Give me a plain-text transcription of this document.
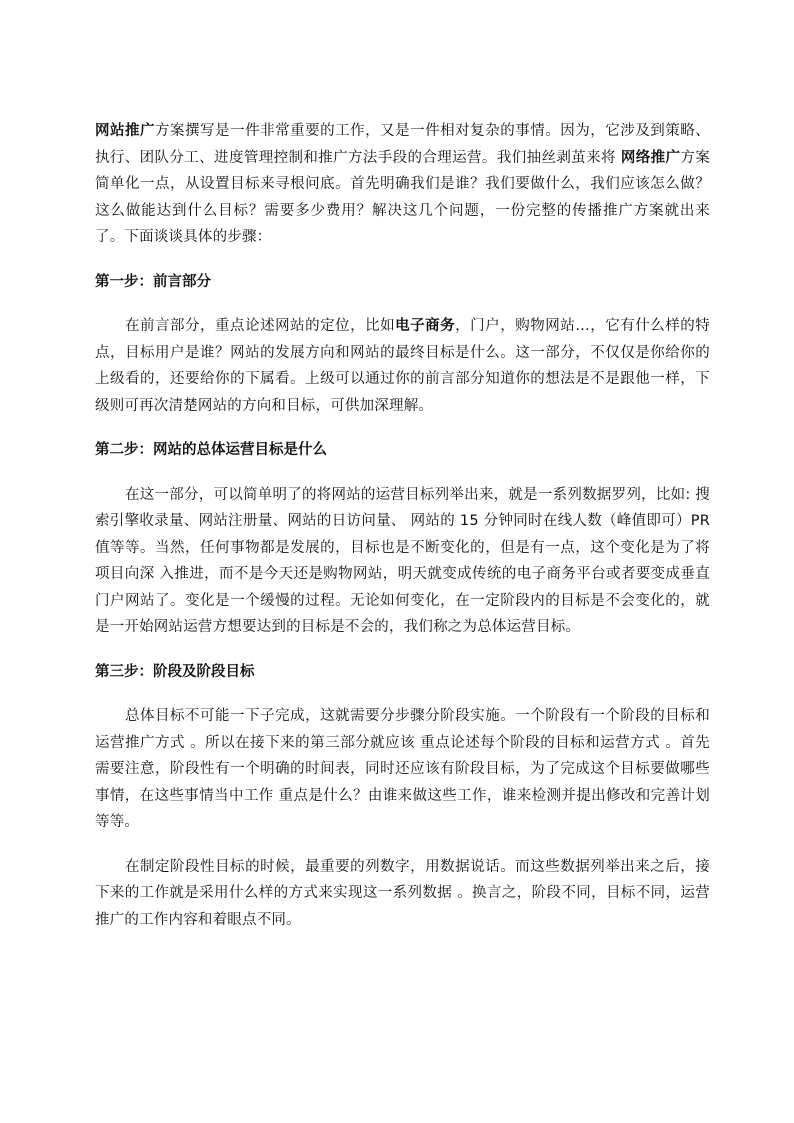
网站推广方案撰写是一件非常重要的工作，又是一件相对复杂的事情。因为，它涉及到策略、执行、团队分工、进度管理控制和推广方法手段的合理运营。我们抽丝剥茧来将 网络推广方案简单化一点，从设置目标来寻根问底。首先明确我们是谁？我们要做什么，我们应该怎么做？这么做能达到什么目标？需要多少费用？解决这几个问题，一份完整的传播推广方案就出来了。下面谈谈具体的步骤：

第一步：前言部分

在前言部分，重点论述网站的定位，比如电子商务，门户，购物网站…，它有什么样的特点，目标用户是谁？网站的发展方向和网站的最终目标是什么。这一部分，不仅仅是你给你的上级看的，还要给你的下属看。上级可以通过你的前言部分知道你的想法是不是跟他一样，下级则可再次清楚网站的方向和目标，可供加深理解。

第二步：网站的总体运营目标是什么

在这一部分，可以简单明了的将网站的运营目标列举出来，就是一系列数据罗列，比如: 搜索引擎收录量、网站注册量、网站的日访问量、 网站的 15 分钟同时在线人数（峰值即可）PR 值等等。当然，任何事物都是发展的，目标也是不断变化的，但是有一点，这个变化是为了将项目向深 入推进，而不是今天还是购物网站，明天就变成传统的电子商务平台或者要变成垂直门户网站了。变化是一个缓慢的过程。无论如何变化，在一定阶段内的目标是不会变化的，就是一开始网站运营方想要达到的目标是不会的，我们称之为总体运营目标。

第三步：阶段及阶段目标

总体目标不可能一下子完成，这就需要分步骤分阶段实施。一个阶段有一个阶段的目标和运营推广方式 。所以在接下来的第三部分就应该 重点论述每个阶段的目标和运营方式 。首先需要注意，阶段性有一个明确的时间表，同时还应该有阶段目标，为了完成这个目标要做哪些事情，在这些事情当中工作 重点是什么？由谁来做这些工作，谁来检测并提出修改和完善计划等等。

在制定阶段性目标的时候，最重要的列数字，用数据说话。而这些数据列举出来之后，接下来的工作就是采用什么样的方式来实现这一系列数据 。换言之，阶段不同，目标不同，运营推广的工作内容和着眼点不同。
